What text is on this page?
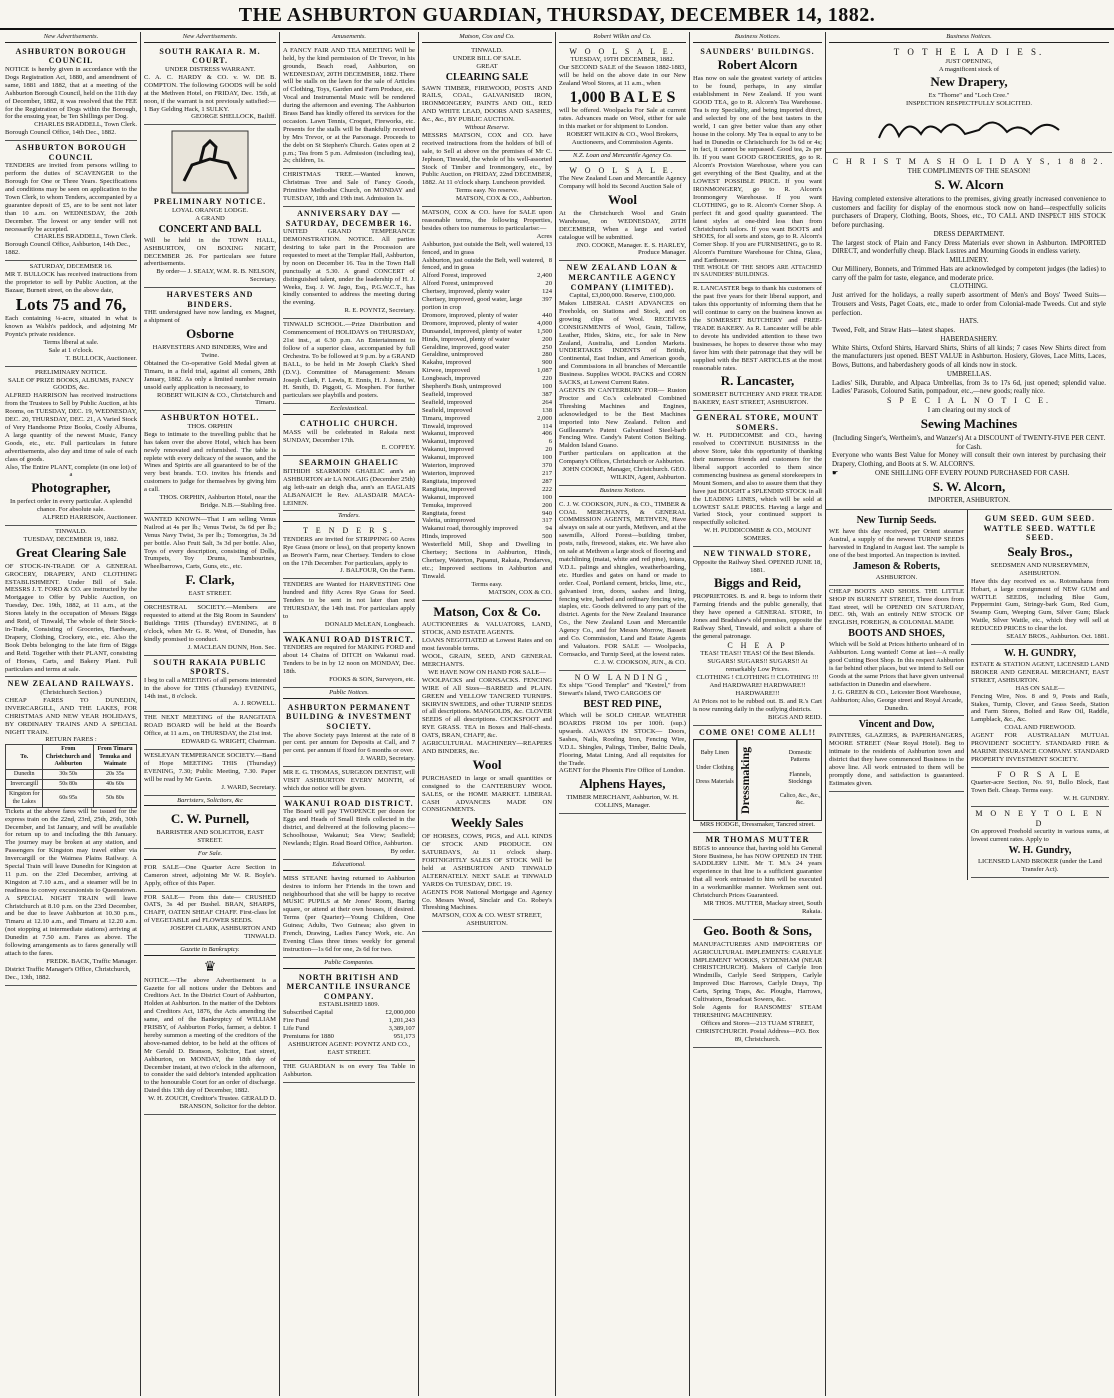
THE ASHBURTON GUARDIAN, THURSDAY, DECEMBER 14, 1882.
New Advertisements.
ASHBURTON BOROUGH COUNCIL

NOTICE is hereby given in accordance with the Dogs Registration Act, 1880, and amendment of same, 1881 and 1882, that at a meeting of the Ashburton Borough Council, held on the 11th day of December, 1882, it was resolved that the FEE for the Registration of Dogs within the Borough, for the ensuing year, be Ten Shillings per Dog.

CHARLES BRADDELL, Town Clerk.
Borough Council Office, 14th Dec., 1882.
ASHBURTON BOROUGH COUNCIL

TENDERS are invited from persons willing to perform the duties of SCAVENGER to the Borough for One or Three Years. Specifications and conditions may be seen on application to the Town Clerk, to whom Tenders, accompanied by a guarantee deposit of £5, are to be sent not later than 10 a.m. on WEDNESDAY, the 20th December. The lowest or any tender will not necessarily be accepted.

CHARLES BRADDELL, Town Clerk.
Borough Council Office, Ashburton, 14th Dec., 1882.
SATURDAY, DECEMBER 16.

MR T. BULLOCK has received instructions from the proprietor to sell by Public Auction, at the Bazaar, Burnett street, on the above date,

Lots 75 and 76,

Each containing ¼-acre, situated in what is known as Walsh's paddock, and adjoining Mr Poyntz's private residence.

Terms liberal at sale.
Sale at 1 o'clock.
T. BULLOCK, Auctioneer.
PRELIMINARY NOTICE.
SALE OF PRIZE BOOKS, ALBUMS, FANCY GOODS, &c.

ALFRED HARRISON has received instructions from the Trustees to Sell by Public Auction, at his Rooms, on TUESDAY, DEC. 19, WEDNESDAY, DEC. 20, THURSDAY, DEC. 21, A Varied Stock of Very Handsome Prize Books, Costly Albums, A large quantity of the newest Music, Fancy Goods, etc., etc. Full particulars in future advertisements, also day and time of sale of each class of goods.

Also, The Entire PLANT, complete (in one lot) of a
Photographer,
In perfect order in every particular. A splendid chance. For absolute sale.
ALFRED HARRISON, Auctioneer.
TINWALD.
TUESDAY, DECEMBER 19, 1882.
Great Clearing Sale

OF STOCK-IN-TRADE OF A GENERAL GROCERY, DRAPERY, AND CLOTHING ESTABLISHMENT. Under Bill of Sale. MESSRS J. T. FORD & CO. are instructed by the Mortgagee to Offer by Public Auction, on Tuesday, Dec. 19th, 1882, at 11 a.m., at the Stores lately in the occupation of Messrs Biggs and Reid, of Tinwald, The whole of their Stock-in-Trade, Consisting of Groceries, Hardware, Drapery, Clothing, Crockery, etc., etc. Also the Book Debts belonging to the late firm of Biggs and Reid. Together with their PLANT, consisting of Horses, Carts, and Bakery Plant. Full particulars and terms at sale.

NEW ZEALAND RAILWAYS.
(Christchurch Section.)

CHEAP FARES TO DUNEDIN, INVERCARGILL, AND THE LAKES, FOR CHRISTMAS AND NEW YEAR HOLIDAYS, BY ORDINARY TRAINS AND A SPECIAL NIGHT TRAIN.

RETURN FARES :
To.	From Christchurch and Ashburton	From Timaru Temuka and Waimate
Dunedin	30s 50s	20s 35s
Invercargill	50s 80s	40s 60s
Kingston for the Lakes	60s 95s	50s 80s

Tickets at the above fares will be issued for the express train on the 22nd, 23rd, 25th, 26th, 30th December, and 1st January, and will be available for return up to and including the 8th January. The journey may be broken at any station, and Passengers for Kingston may travel either via Invercargill or the Waimea Plains Railway. A Special Train will leave Dunedin for Kingston at 11 p.m. on the 23rd December, arriving at Kingston at 7.10 a.m., and a steamer will be in readiness to convey excursionists to Queenstown. A SPECIAL NIGHT TRAIN will leave Christchurch at 8.10 p.m. on the 23rd December, and be due to leave Ashburton at 10.30 p.m., Timaru at 12.10 a.m., and Timaru at 12.20 a.m. (not stopping at intermediate stations) arriving at Dunedin at 7.50 a.m. Fares as above. The following arrangements as to fares generally will attach to the fares.

FREDK. BACK, Traffic Manager.
District Traffic Manager's Office, Christchurch, Dec., 13th, 1882.
New Advertisements.
SOUTH RAKAIA R. M. COURT.
UNDER DISTRESS WARRANT.

C. A. C. HARDY & CO. v. W. DE B. COMPTON. The following GOODS will be sold at the Methven Hotel, on FRIDAY, Dec. 15th, at noon, if the warrant is not previously satisfied:— 1 Bay Gelding Hack, 1 SULKY.

GEORGE SHELLOCK, Bailiff.
PRELIMINARY NOTICE.
LOYAL ORANGE LODGE.
A GRAND
CONCERT AND BALL

Will be held in the TOWN HALL, ASHBURTON, ON BOXING NIGHT, DECEMBER 26. For particulars see future advertisements.

By order— J. SEALY, W.M. R. B. NELSON, Secretary.
HARVESTERS AND BINDERS.

THE undersigned have now landing, ex Magnet, a shipment of

Osborne
HARVESTERS AND BINDERS, Wire and Twine.

Obtained the Co-operative Gold Medal given at Timaru, in a field trial, against all comers, 28th January, 1882. As only a limited number remain unsold early application is necessary, to

ROBERT WILKIN & CO., Christchurch and Timaru.
ASHBURTON HOTEL.
THOS. ORPHIN

Begs to intimate to the travelling public that he has taken over the above Hotel, which has been newly renovated and refurnished. The table is replete with every delicacy of the season, and the Wines and Spirits are all guaranteed to be of the very best brands. T.O. invites his friends and customers to judge for themselves by giving him a call.

THOS. ORPHIN, Ashburton Hotel, near the Bridge. N.B.—Stabling free.

WANTED KNOWN—That I am selling Venus Nailrod at 4s per lb.; Venus Twist, 3s 6d per lb.; Venus Navy Twist, 3s per lb.; Tomorgrius, 3s 3d per bottle. Also Fruit Salt, 3s 3d per bottle. Also, Toys of every description, consisting of Dolls, Trumpets, Toy Drums, Tambourines, Wheelbarrows, Carts, Guns, etc., etc.

F. Clark,
EAST STREET.

ORCHESTRAL SOCIETY.—Members are requested to attend at the Big Room in Saunders' Buildings THIS (Thursday) EVENING, at 8 o'clock, when Mr G. R. West, of Dunedin, has kindly promised to conduct.

J. MACLEAN DUNN, Hon. Sec.
SOUTH RAKAIA PUBLIC SPORTS.

I beg to call a MEETING of all persons interested in the above for THIS (Thursday) EVENING, 14th inst., 8 o'clock.

A. J. ROWELL.

THE NEXT MEETING of the RANGITATA ROAD BOARD will be held at the Board's Office, at 11 a.m., on THURSDAY, the 21st inst.

EDWARD G. WRIGHT, Chairman.

WESLEYAN TEMPERANCE SOCIETY.—Band of Hope MEETING THIS (Thursday) EVENING, 7.30; Public Meeting, 7.30. Paper will be read by Mr Gavin.

J. WARD, Secretary.
Barristers, Solicitors, &c
C. W. Purnell,
BARRISTER AND SOLICITOR, EAST STREET.
For Sale.

FOR SALE—One Quarter Acre Section in Cameron street, adjoining Mr W. R. Boyle's. Apply, office of this Paper.

FOR SALE— From this date— CRUSHED OATS, 3s 4d per Bushel. BRAN, SHARPS, CHAFF, OATEN SHEAF CHAFF. First-class lot of VEGETABLE and FLOWER SEEDS.

JOSEPH CLARK, ASHBURTON AND TINWALD.
Gazette in Bankruptcy.
♛

NOTICE.—The above Advertisement is a Gazette for all notices under the Debtors and Creditors Act. In the District Court of Ashburton, Holden at Ashburton. In the matter of the Debtors and Creditors Act, 1876, the Acts amending the same, and of the Bankruptcy of WILLIAM FRISBY, of Ashburton Forks, farmer, a debtor. I hereby summon a meeting of the creditors of the above-named debtor, to be held at the offices of Mr Gerald D. Branson, Solicitor, East street, Ashburton, on MONDAY, the 18th day of December instant, at two o'clock in the afternoon, to consider the said debtor's intended application to the honourable Court for an order of discharge. Dated this 13th day of December, 1882.

W. H. ZOUCH, Creditor's Trustee. GERALD D. BRANSON, Solicitor for the debtor.
Amusements.

A FANCY FAIR AND TEA MEETING Will be held, by the kind permission of Dr Trevor, in his grounds, Beach road, Ashburton, on WEDNESDAY, 20TH DECEMBER, 1882. There will be stalls on the lawn for the sale of Articles of Clothing, Toys, Garden and Farm Produce, etc. Vocal and Instrumental Music will be rendered during the afternoon and evening. The Ashburton Brass Band has kindly offered its services for the occasion. Lawn Tennis, Croquet, Fireworks, etc. Presents for the stalls will be thankfully received by Mrs Trevor, or at the Parsonage. Proceeds to the debt on St Stephen's Church. Gates open at 2 p.m.; Tea from 5 p.m. Admission (including tea), 2s; children, 1s.

CHRISTMAS TREE.—Wanted known, Christmas Tree and Sale of Fancy Goods, Primitive Methodist Church, on MONDAY and TUESDAY, 18th and 19th inst. Admission 1s.

ANNIVERSARY DAY — SATURDAY, DECEMBER 16.

UNITED GRAND TEMPERANCE DEMONSTRATION. NOTICE. All parties desiring to take part in the Procession are requested to meet at the Templar Hall, Ashburton, by noon on December 16. Tea in the Town Hall punctually at 5.30. A grand CONCERT of distinguished talent, under the leadership of H. J. Weeks, Esq. J. W. Jago, Esq., P.G.W.C.T., has kindly consented to address the meeting during the evening.

R. E. POYNTZ, Secretary.

TINWALD SCHOOL.—Prize Distribution and Commencement of HOLIDAYS on THURSDAY, 21st inst., at 6.30 p.m. An Entertainment to follow of a superior class, accompanied by full Orchestra. To be followed at 9 p.m. by a GRAND BALL, to be held in Mr Joseph Clark's Shed (D.V.). Committee of Management: Messrs Joseph Clark, F. Lewis, E. Ennis, H. J. Jones, W. H. Smith, D. Piggott, G. Mosphen. For further particulars see playbills and posters.

Ecclesiastical.
CATHOLIC CHURCH.

MASS will be celebrated in Rakaia next SUNDAY, December 17th.

E. COFFEY.
SEARMOIN GHAELIC

BITHIDH SEARMOIN GHAELIC ann's an ASHBURTON air LA NOLAIG (December 25th) aig leth-uair an deigh dha, ann's an EAGLAIS ALBANAICH le Rev. ALASDAIR MACA-LEINEN.

Tenders.
T E N D E R S.

TENDERS are invited for STRIPPING 60 Acres Rye Grass (more or less), on that property known as Brown's Farm, near Chertsey. Tenders to close on the 17th December. For particulars, apply to

J. BALFOUR, On the Farm.

TENDERS are Wanted for HARVESTING One hundred and fifty Acres Rye Grass for Seed. Tenders to be sent in not later than next THURSDAY, the 14th inst. For particulars apply to

DONALD McLEAN, Longbeach.
WAKANUI ROAD DISTRICT.

TENDERS are required for MAKING FORD and about 14 Chains of DITCH on Wakanui road. Tenders to be in by 12 noon on MONDAY, Dec. 18th.

FOOKS & SON, Surveyors, etc.
Public Notices.
ASHBURTON PERMANENT BUILDING & INVESTMENT SOCIETY.

The above Society pays Interest at the rate of 8 per cent. per annum for Deposits at Call, and 7 per cent. per annum if fixed for 6 months or over.

J. WARD, Secretary.

MR E. G. THOMAS, SURGEON DENTIST, will VISIT ASHBURTON EVERY MONTH, of which due notice will be given.

WAKANUI ROAD DISTRICT.

The Board will pay TWOPENCE per dozen for Eggs and Heads of Small Birds collected in the district, and delivered at the following places:— Schoolhouse, Wakanui; Sea View; Seafield; Newlands; Elgin. Road Board Office, Ashburton.

By order.
Educational.

MISS STEANE having returned to Ashburton desires to inform her Friends in the town and neighbourhood that she will be happy to receive MUSIC PUPILS at Mr Jones' Room, Baring square, or attend at their own houses, if desired. Terms (per Quarter)—Young Children, One Guinea; Adults, Two Guineas; also given in French, Drawing, Ladies Fancy Work, etc. An Evening Class three times weekly for general instruction—1s 6d for one, 2s 6d for two.

Public Companies.
NORTH BRITISH AND MERCANTILE INSURANCE COMPANY.
ESTABLISHED 1809.
Subscribed Capital	£2,000,000
Fire Fund	1,201,243
Life Fund	3,389,107
Premiums for 1880	951,173
ASHBURTON AGENT: POYNTZ AND CO., EAST STREET.

THE GUARDIAN is on every Tea Table in Ashburton.

Matson, Cox and Co.
TINWALD.
UNDER BILL OF SALE.
GREAT
CLEARING SALE

SAWN TIMBER, FIREWOOD, POSTS AND RAILS, COAL, GALVANISED IRON, IRONMONGERY, PAINTS AND OIL, RED AND WHITE LEAD, DOORS AND SASHES, &c., &c., BY PUBLIC AUCTION.

Without Reserve.

MESSRS MATSON, COX and CO. have received instructions from the holders of bill of sale, to Sell at above on the premises of Mr C. Jephson, Tinwald, the whole of his well-assorted Stock of Timber and Ironmongery, etc., by Public Auction, on FRIDAY, 22nd DECEMBER, 1882. At 11 o'clock sharp. Luncheon provided.

Terms easy. No reserve.
MATSON, COX & CO., Ashburton.

MATSON, COX & CO. have for SALE upon reasonable terms, the following Properties, besides others too numerous to particularise:—

Acres
Ashburton, just outside the Belt, well watered, fenced, and in grass
13
Ashburton, just outside the Belt, well watered, fenced, and in grass
8
Alford Forest, improved	2,400
Alford Forest, unimproved	20
Chertsey, improved, plenty water	124
Chertsey, improved, good water, large portion in crop
397
Dromore, improved, plenty of water	440
Dromore, improved, plenty of water	4,000
Dunsandel, improved, plenty of water 1,500
Hinds, improved, plenty of water	200
Geraldine, improved, good water	250
Geraldine, unimproved	280
Kakahu, improved	900
Kirwee, improved	1,087
Longbeach, improved	220
Shepherd's Bush, unimproved	100
Seafield, improved	387
Seafield, improved	264
Seafield, improved	138
Timaru, improved	2,000
Tinwald, improved	114
Wakanui, improved	406
Wakanui, improved	6
Wakanui, improved	20
Wakanui, improved	100
Waterton, improved	370
Waterton, improved	217
Rangitata, improved	287
Rangitata, improved	222
Wakanui, improved	100
Temuka, improved	200
Rangitata, forest	940
Valetta, unimproved	317
Wakanui road, thoroughly improved	94
Hinds, improved	500

Westerfield Mill, Shop and Dwelling in Chertsey; Sections in Ashburton, Hinds, Chertsey, Waterton, Papanui, Rakaia, Pendarves, etc.; Improved sections in Ashburton and Tinwald.

Terms easy.
MATSON, COX & CO.
Matson, Cox & Co.

AUCTIONEERS & VALUATORS, LAND, STOCK, AND ESTATE AGENTS.

LOANS NEGOTIATED at Lowest Rates and on most favorable terms.

WOOL, GRAIN, SEED, AND GENERAL MERCHANTS.

WE HAVE NOW ON HAND FOR SALE—

WOOLPACKS and CORNSACKS. FENCING WIRE of All Sizes—BARBED and PLAIN. GREEN and YELLOW TANCRED TURNIPS. SKIRVIN SWEDES, and other TURNIP SEEDS of all descriptions. MANGOLDS, &c. CLOVER SEEDS of all descriptions. COCKSFOOT and RYE GRASS. TEA in Boxes and Half-chests. OATS, BRAN, CHAFF, &c.

AGRICULTURAL MACHINERY—REAPERS AND BINDERS, &c.

Wool

PURCHASED in large or small quantities or consigned to the CANTERBURY WOOL SALES, or the HOME MARKET. LIBERAL CASH ADVANCES MADE ON CONSIGNMENTS.

Weekly Sales

OF HORSES, COWS, PIGS, and ALL KINDS OF STOCK AND PRODUCE. ON SATURDAYS, At 11 o'clock sharp. FORTNIGHTLY SALES OF STOCK Will be held at ASHBURTON AND TINWALD ALTERNATELY. NEXT SALE at TINWALD YARDS On TUESDAY, DEC. 19.

AGENTS FOR National Mortgage and Agency Co. Messrs Wood, Sinclair and Co. Robey's Threshing Machines.

MATSON, COX & CO. WEST STREET, ASHBURTON.
Robert Wilkin and Co.
W O O L S A L E.
TUESDAY, 19TH DECEMBER, 1882.

Our SECOND SALE of the Season 1882-1883, will be held on the above date in our New Zealand Wool Stores, at 11 a.m., when

1,000 B A L E S

will be offered. Woolpacks For Sale at current rates. Advances made on Wool, either for sale in this market or for shipment to London.

ROBERT WILKIN & CO., Wool Brokers, Auctioneers, and Commission Agents.
N.Z. Loan and Mercantile Agency Co.
W O O L S A L E.

The New Zealand Loan and Mercantile Agency Company will hold its Second Auction Sale of

Wool

At the Christchurch Wool and Grain Warehouse, on WEDNESDAY, 20TH DECEMBER, When a large and varied catalogue will be submitted.

JNO. COOKE, Manager. E. S. HARLEY, Produce Manager.
NEW ZEALAND LOAN & MERCANTILE AGENCY COMPANY (LIMITED).
Capital, £3,000,000. Reserve, £100,000.

Makes LIBERAL CASH ADVANCES on Freeholds, on Stations and Stock, and on growing clips of Wool. RECEIVES CONSIGNMENTS of Wool, Grain, Tallow, Leather, Hides, Skins, etc., for sale in New Zealand, Australia, and London Markets. UNDERTAKES INDENTS of British, Continental, East Indian, and American goods, and Commissions in all branches of Mercantile Business. Supplies WOOL PACKS and CORN SACKS, at Lowest Current Rates.

AGENTS IN CANTERBURY FOR— Ruston Proctor and Co.'s celebrated Combined Threshing Machines and Engines, acknowledged to be the Best Machines imported into New Zealand. Felton and Guilleaume's Patent Galvanised Steel-barb Fencing Wire. Candy's Patent Cotton Belting. Maldon Island Guano.

Further particulars on application at the Company's Offices, Christchurch or Ashburton.

JOHN COOKE, Manager, Christchurch. GEO. WILKIN, Agent, Ashburton.
Business Notices.

C. J. W. COOKSON, JUN., & CO., TIMBER & COAL MERCHANTS, & GENERAL COMMISSION AGENTS, METHVEN, Have always on sale at our yards, Methven, and at the sawmills, Alford Forest—building timber, posts, rails, firewood, stakes, etc. We have also on sale at Methven a large stock of flooring and matchlining (matai, white and red pine), totara, V.D.L. palings and shingles, weatherboarding, etc. Hurdles and gates on hand or made to order. Coal, Portland cement, bricks, lime, etc., galvanised iron, doors, sashes and lining, fencing wire, barbed and ordinary fencing wire, staples, etc. Goods delivered to any part of the district. Agents for the New Zealand Insurance Co., the New Zealand Loan and Mercantile Agency Co., and for Messrs Morrow, Bassett and Co. Commission, Land and Estate Agents and Valuators. FOR SALE — Woolpacks, Cornsacks, and Turnip Seed, at the lowest rates.

C. J. W. COOKSON, JUN., & CO.
NOW LANDING,

Ex ships "Good Templar" and "Kestrel," from Stewart's Island, TWO CARGOES OF

BEST RED PINE,

Which will be SOLD CHEAP. WEATHER BOARDS FROM 10s per 100ft. (sup.) upwards. ALWAYS IN STOCK— Doors, Sashes, Nails, Roofing Iron, Fencing Wire, V.D.L. Shingles, Palings, Timber, Baltic Deals, Flooring, Matai Lining, And all requisites for the Trade.

AGENT for the Phoenix Fire Office of London.

Alphens Hayes,
TIMBER MERCHANT, Ashburton, W. H. COLLINS, Manager.
Business Notices.
SAUNDERS' BUILDINGS.
Robert Alcorn

Has now on sale the greatest variety of articles to be found, perhaps, in any similar establishment in New Zealand. If you want GOOD TEA, go to R. Alcorn's Tea Warehouse. Tea is my Speciality, and being imported direct, and selected by one of the best tasters in the world, I can give better value than any other house in the colony. My Tea is equal to any to be had in Dunedin or Christchurch for 3s 6d or 4s; in fact, it cannot be surpassed. Good tea, 2s per lb. If you want GOOD GROCERIES, go to R. Alcorn's Provision Warehouse, where you can get everything of the Best Quality, and at the LOWEST POSSIBLE PRICE. If you want IRONMONGERY, go to R. Alcorn's Ironmongery Warehouse. If you want CLOTHING, go to R. Alcorn's Corner Shop. A perfect fit and good quality guaranteed. The latest styles at one-third less than from Christchurch tailors. If you want BOOTS and SHOES, for all sorts and sizes, go to R. Alcorn's Corner Shop. If you are FURNISHING, go to R. Alcorn's Furniture Warehouse for China, Glass, and Earthenware.

THE WHOLE OF THE SHOPS ARE ATTACHED IN SAUNDERS' BUILDINGS.

R. LANCASTER begs to thank his customers of the past five years for their liberal support, and takes this opportunity of informing them that he will continue to carry on the business known as the SOMERSET BUTCHERY and FREE-TRADE BAKERY. As R. Lancaster will be able to devote his undivided attention to these two businesses, he hopes to deserve those who may favor him with their patronage that they will be supplied with the BEST ARTICLES at the most reasonable rates.

R. Lancaster,

SOMERSET BUTCHERY AND FREE TRADE BAKERY, EAST STREET, ASHBURTON.

GENERAL STORE, MOUNT SOMERS.

W. H. PUDDICOMBE and CO., having resolved to CONTINUE BUSINESS in the above Store, take this opportunity of thanking their numerous friends and customers for the liberal support accorded to them since commencing business as general storekeepers in Mount Somers, and also to assure them that they have just BOUGHT a SPLENDID STOCK in all the LEADING LINES, which will be sold at LOWEST SALE PRICES. Having a large and Varied Stock, your continued support is respectfully solicited.

W. H. PUDDICOMBE & CO., MOUNT SOMERS.
NEW TINWALD STORE,
Opposite the Railway Shed. OPENED JUNE 18, 1881.
Biggs and Reid,

PROPRIETORS. B. and R. begs to inform their Farming friends and the public generally, that they have opened a GENERAL STORE, In Jones and Bradshaw's old premises, opposite the Railway Shed, Tinwald, and solicit a share of the general patronage.

C H E A P
TEAS! TEAS!! TEAS! Of the Best Blends.
SUGARS! SUGARS!! SUGARS!! At remarkably Low Prices.
CLOTHING ! CLOTHING !! CLOTHING !!!
And HARDWARE! HARDWARE!! HARDWARE!!!

At Prices not to be rubbed out. B. and R.'s Cart is now running daily in the outlying districts.

BIGGS AND REID.
COME ONE! COME ALL!!
Baby Linen

Under Clothing

Dress Materials Dressmaking	Domestic Patterns

Flannels, Stockings

Calico, &c., &c., &c.
MRS HODGE, Dressmaker, Tancred street.
MR THOMAS MUTTER

BEGS to announce that, having sold his General Store Business, he has NOW OPENED IN THE SADDLERY LINE. Mr T. M.'s 24 years experience in that line is a sufficient guarantee that all work entrusted to him will be executed in a workmanlike manner. Workmen sent out. Christchurch Prices Guaranteed.

MR THOS. MUTTER, Mackay street, South Rakaia.
Geo. Booth & Sons,

MANUFACTURERS AND IMPORTERS OF AGRICULTURAL IMPLEMENTS: CARLYLE IMPLEMENT WORKS, SYDENHAM (NEAR CHRISTCHURCH). Makers of Carlyle Iron Windmills, Carlyle Seed Strippers, Carlyle Improved Disc Harrows, Carlyle Drays, Tip Carts, Spring Traps, &c. Ploughs, Harrows, Cultivators, Broadcast Sowers, &c.

Sole Agents for RANSOMES' STEAM THRESHING MACHINERY.

Offices and Stores—213 TUAM STREET, CHRISTCHURCH. Postal Address—P.O. Box 89, Christchurch.
Business Notices.
T O T H E L A D I E S.
JUST OPENING,
A magnificent stock of
New Drapery,
Ex "Thorne" and "Loch Cree."
INSPECTION RESPECTFULLY SOLICITED.
C H R I S T M A S H O L I D A Y S, 1 8 8 2.
THE COMPLIMENTS OF THE SEASON!
S. W. Alcorn

Having completed extensive alterations to the premises, giving greatly increased convenience to customers and facility for display of the enormous stock now on hand—respectfully solicits purchasers of Drapery, Clothing, Boots, Shoes, etc., TO CALL AND INSPECT HIS STOCK before purchasing.

DRESS DEPARTMENT.

The largest stock of Plain and Fancy Dress Materials ever shown in Ashburton. IMPORTED DIRECT, and wonderfully cheap. Black Lustres and Mourning Goods in endless variety.

MILLINERY.

Our Millinery, Bonnets, and Trimmed Hats are acknowledged by competent judges (the ladies) to carry off the palm for taste, elegance, and moderate price.

CLOTHING.

Just arrived for the holidays, a really superb assortment of Men's and Boys' Tweed Suits—Trousers and Vests, Paget Coats, etc., made to order from Colonial-made Tweeds. Cut and style perfection.

HATS.

Tweed, Felt, and Straw Hats—latest shapes.

HABERDASHERY.

White Shirts, Oxford Shirts, Harvard Shirts, Shirts of all kinds; 7 cases New Shirts direct from the manufacturers just opened. BEST VALUE in Ashburton. Hosiery, Gloves, Lace Mitts, Laces, Bows, Buttons, and haberdashery goods of all kinds now in stock.

UMBRELLAS.

Ladies' Silk, Durable, and Alpaca Umbrellas, from 3s to 17s 6d, just opened; splendid value. Ladies' Parasols, Coloured Satin, pompadour, etc.,—new goods; really nice.

S P E C I A L N O T I C E.
I am clearing out my stock of
Sewing Machines
(Including Singer's, Wertheim's, and Wanzer's) At a DISCOUNT of TWENTY-FIVE PER CENT. for Cash.

Everyone who wants Best Value for Money will consult their own interest by purchasing their Drapery, Clothing, and Boots at S. W. ALCORN'S.

☛	ONE SHILLING OFF EVERY POUND PURCHASED FOR CASH.
S. W. Alcorn,
IMPORTER, ASHBURTON.
New Turnip Seeds.

WE have this day received, per Orient steamer Austral, a supply of the newest TURNIP SEEDS harvested in England in August last. The sample is one of the best imported. An inspection is invited.

Jameson & Roberts,
ASHBURTON.

CHEAP BOOTS AND SHOES. THE LITTLE SHOP IN BURNETT STREET, Three doors from East street, will be OPENED ON SATURDAY, DEC. 9th, With an entirely NEW STOCK OF ENGLISH, FOREIGN, & COLONIAL MADE

BOOTS AND SHOES,

Which will be Sold at Prices hitherto unheard of in Ashburton. Long wanted! Come at last—A really good Cutting Boot Shop. In this respect Ashburton is far behind other places, but we intend to Sell our Goods at the same Prices that have given universal satisfaction in Dunedin and elsewhere.

J. G. GREEN & CO., Leicester Boot Warehouse, Ashburton; Also, George street and Royal Arcade, Dunedin.
Vincent and Dow,

PAINTERS, GLAZIERS, & PAPERHANGERS, MOORE STREET (Near Royal Hotel). Beg to intimate to the residents of Ashburton town and district that they have commenced Business in the above line. All work entrusted to them will be promptly done, and satisfaction is guaranteed. Estimates given.

GUM SEED. GUM SEED. WATTLE SEED. WATTLE SEED.
Sealy Bros.,
SEEDSMEN AND NURSERYMEN, ASHBURTON.

Have this day received ex ss. Rotomahana from Hobart, a large consignment of NEW GUM and WATTLE SEEDS, including Blue Gum, Peppermint Gum, Stringy-bark Gum, Red Gum, Swamp Gum, Weeping Gum, Silver Gum; Black Wattle, Silver Wattle, etc., which they will sell at REDUCED PRICES to clear the lot.

SEALY BROS., Ashburton. Oct. 1881.
W. H. GUNDRY,

ESTATE & STATION AGENT, LICENSED LAND BROKER AND GENERAL MERCHANT, EAST STREET, ASHBURTON.

HAS ON SALE—

Fencing Wire, Nos. 8 and 9, Posts and Rails, Stakes, Turnip, Clover, and Grass Seeds, Station and Farm Stores, Bolted and Raw Oil, Raddle, Lampblack, &c., &c.

COAL AND FIREWOOD.

AGENT FOR AUSTRALIAN MUTUAL PROVIDENT SOCIETY. STANDARD FIRE & MARINE INSURANCE COMPANY. STANDARD PROPERTY INVESTMENT SOCIETY.

F O R S A L E

Quarter-acre Section, No. 91, Bullo Block, East Town Belt. Cheap. Terms easy.

W. H. GUNDRY.
M O N E Y T O L E N D

On approved Freehold security in various sums, at lowest current rates. Apply to

W. H. Gundry,
LICENSED LAND BROKER (under the Land Transfer Act).
